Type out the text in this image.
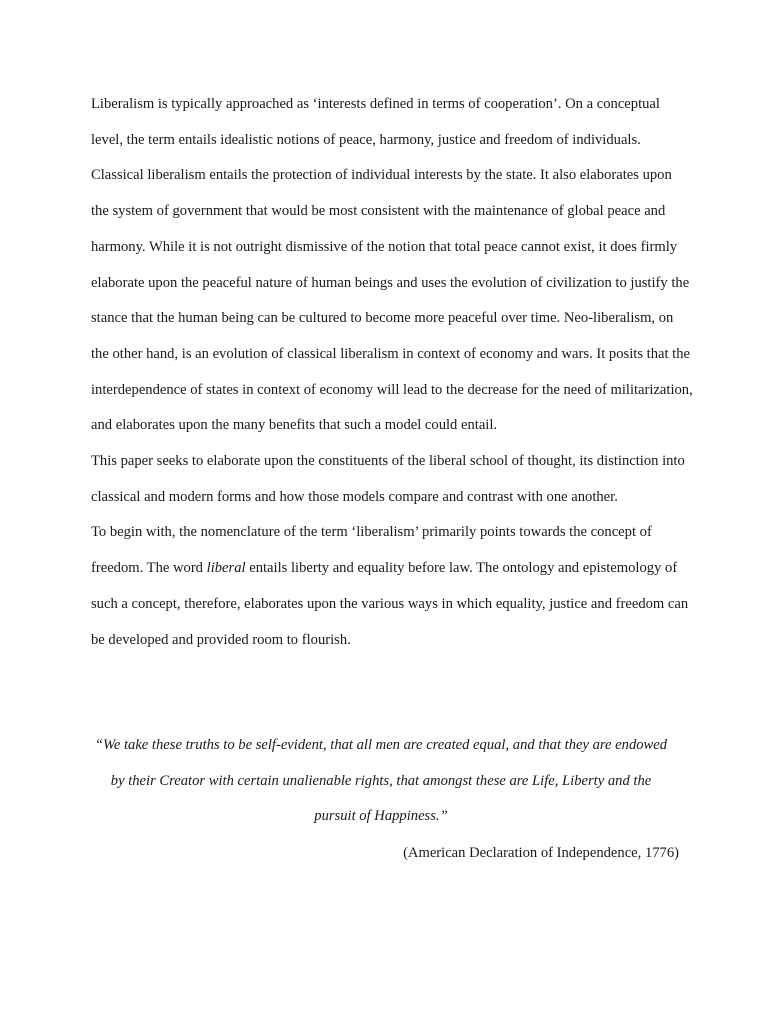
Liberalism is typically approached as ‘interests defined in terms of cooperation’. On a conceptual level, the term entails idealistic notions of peace, harmony, justice and freedom of individuals. Classical liberalism entails the protection of individual interests by the state. It also elaborates upon the system of government that would be most consistent with the maintenance of global peace and harmony. While it is not outright dismissive of the notion that total peace cannot exist, it does firmly elaborate upon the peaceful nature of human beings and uses the evolution of civilization to justify the stance that the human being can be cultured to become more peaceful over time. Neo-liberalism, on the other hand, is an evolution of classical liberalism in context of economy and wars. It posits that the interdependence of states in context of economy will lead to the decrease for the need of militarization, and elaborates upon the many benefits that such a model could entail.

This paper seeks to elaborate upon the constituents of the liberal school of thought, its distinction into classical and modern forms and how those models compare and contrast with one another.

To begin with, the nomenclature of the term ‘liberalism’ primarily points towards the concept of freedom. The word liberal entails liberty and equality before law. The ontology and epistemology of such a concept, therefore, elaborates upon the various ways in which equality, justice and freedom can be developed and provided room to flourish.

“We take these truths to be self-evident, that all men are created equal, and that they are endowed by their Creator with certain unalienable rights, that amongst these are Life, Liberty and the pursuit of Happiness.”
(American Declaration of Independence, 1776)
